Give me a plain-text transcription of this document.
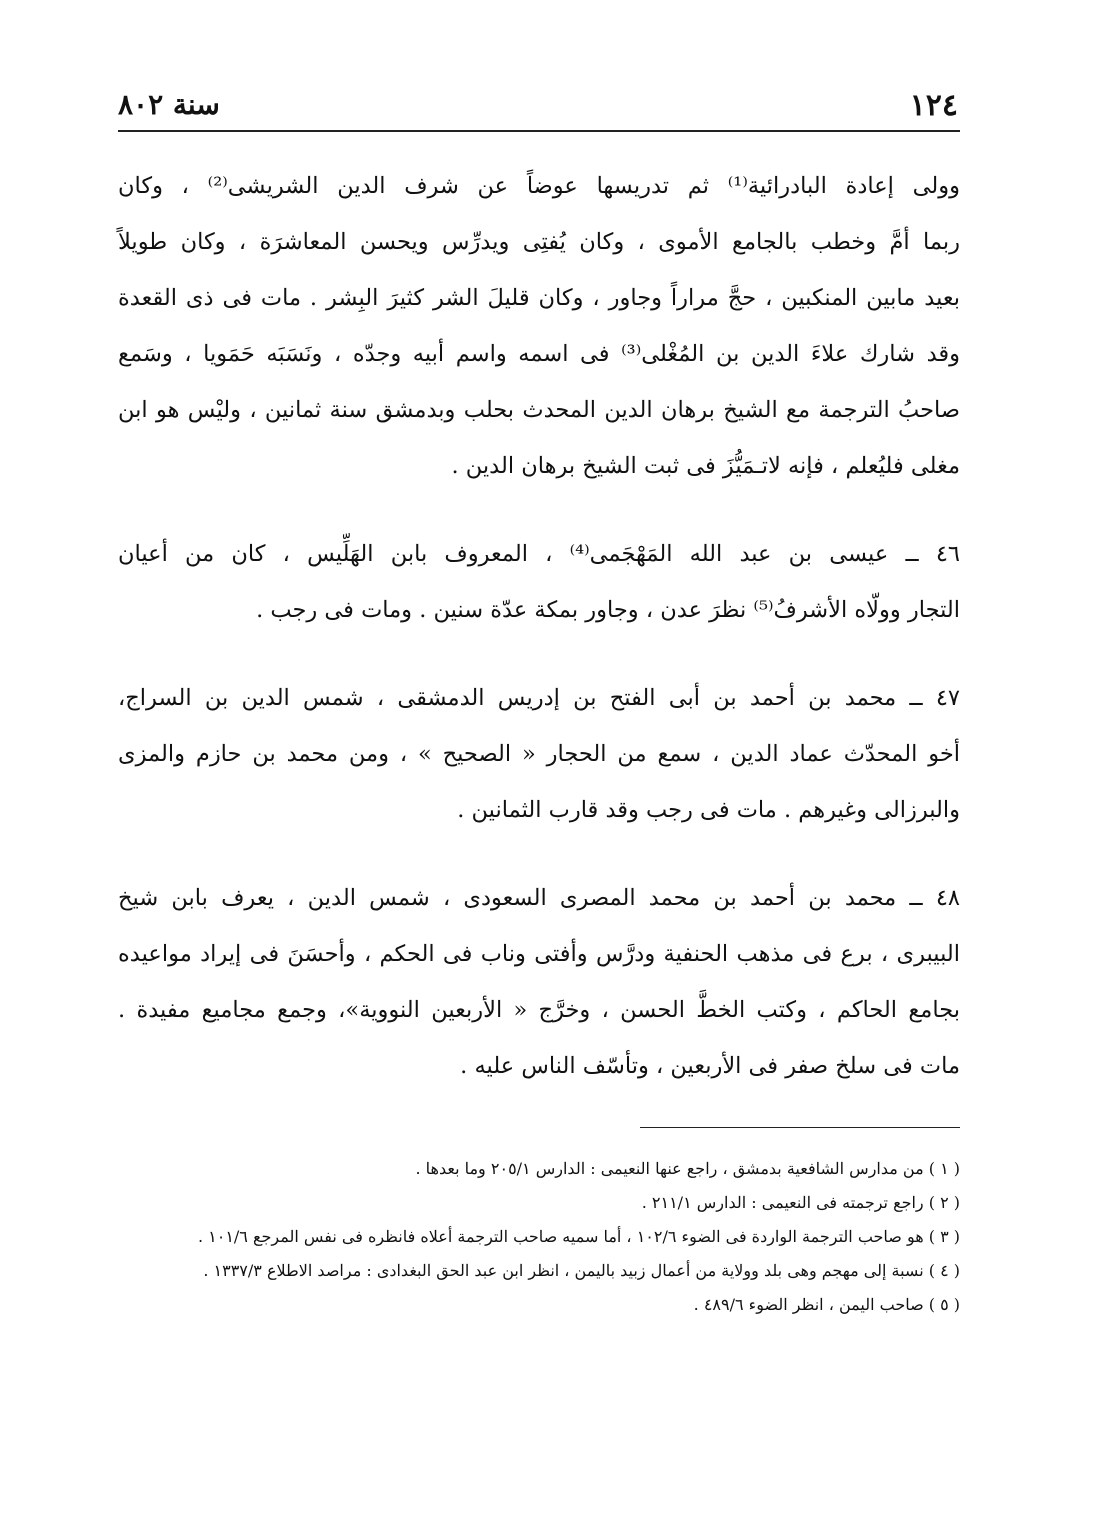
١٢٤
سنة ٨٠٢
وولى إعادة البادرائية⁽¹⁾ ثم تدريسها عوضاً عن شرف الدين الشريشى⁽²⁾ ، وكان
ربما أمَّ وخطب بالجامع الأموى ، وكان يُفتِى ويدرِّس ويحسن المعاشرَة ، وكان طويلاً
بعيد مابين المنكبين ، حجَّ مراراً وجاور ، وكان قليلَ الشر كثيرَ البِشر . مات فى ذى القعدة
وقد شارك علاءَ الدين بن المُغْلى⁽³⁾ فى اسمه واسم أبيه وجدّه ، ونَسَبَه حَمَويا ، وسَمع
صاحبُ الترجمة مع الشيخ برهان الدين المحدث بحلب وبدمشق سنة ثمانين ، وليْس هو ابن
مغلى فليُعلم ، فإنه لاتـمَيُّزَ فى ثبت الشيخ برهان الدين .
٤٦ ــ عيسى بن عبد الله المَهْجَمى⁽⁴⁾ ، المعروف بابن الهَلِّيس ، كان من أعيان
التجار وولّاه الأشرفُ⁽⁵⁾ نظرَ عدن ، وجاور بمكة عدّة سنين . ومات فى رجب .
٤٧ ــ محمد بن أحمد بن أبى الفتح بن إدريس الدمشقى ، شمس الدين بن السراج،
أخو المحدّث عماد الدين ، سمع من الحجار « الصحيح » ، ومن محمد بن حازم والمزى
والبرزالى وغيرهم . مات فى رجب وقد قارب الثمانين .
٤٨ ــ محمد بن أحمد بن محمد المصرى السعودى ، شمس الدين ، يعرف بابن شيخ
البيبرى ، برع فى مذهب الحنفية ودرَّس وأفتى وناب فى الحكم ، وأحسَنَ فى إيراد مواعيده
بجامع الحاكم ، وكتب الخطَّ الحسن ، وخرَّج « الأربعين النووية»، وجمع مجاميع مفيدة .
مات فى سلخ صفر فى الأربعين ، وتأسّف الناس عليه .

( ١ ) من مدارس الشافعية بدمشق ، راجع عنها النعيمى : الدارس ٢٠٥/١ وما بعدها .

( ٢ ) راجع ترجمته فى النعيمى : الدارس ٢١١/١ .

( ٣ ) هو صاحب الترجمة الواردة فى الضوء ١٠٢/٦ ، أما سميه صاحب الترجمة أعلاه فانظره فى نفس المرجع ١٠١/٦ .

( ٤ ) نسبة إلى مهجم وهى بلد وولاية من أعمال زبيد باليمن ، انظر ابن عبد الحق البغدادى : مراصد الاطلاع ١٣٣٧/٣ .

( ٥ ) صاحب اليمن ، انظر الضوء ٤٨٩/٦ .
